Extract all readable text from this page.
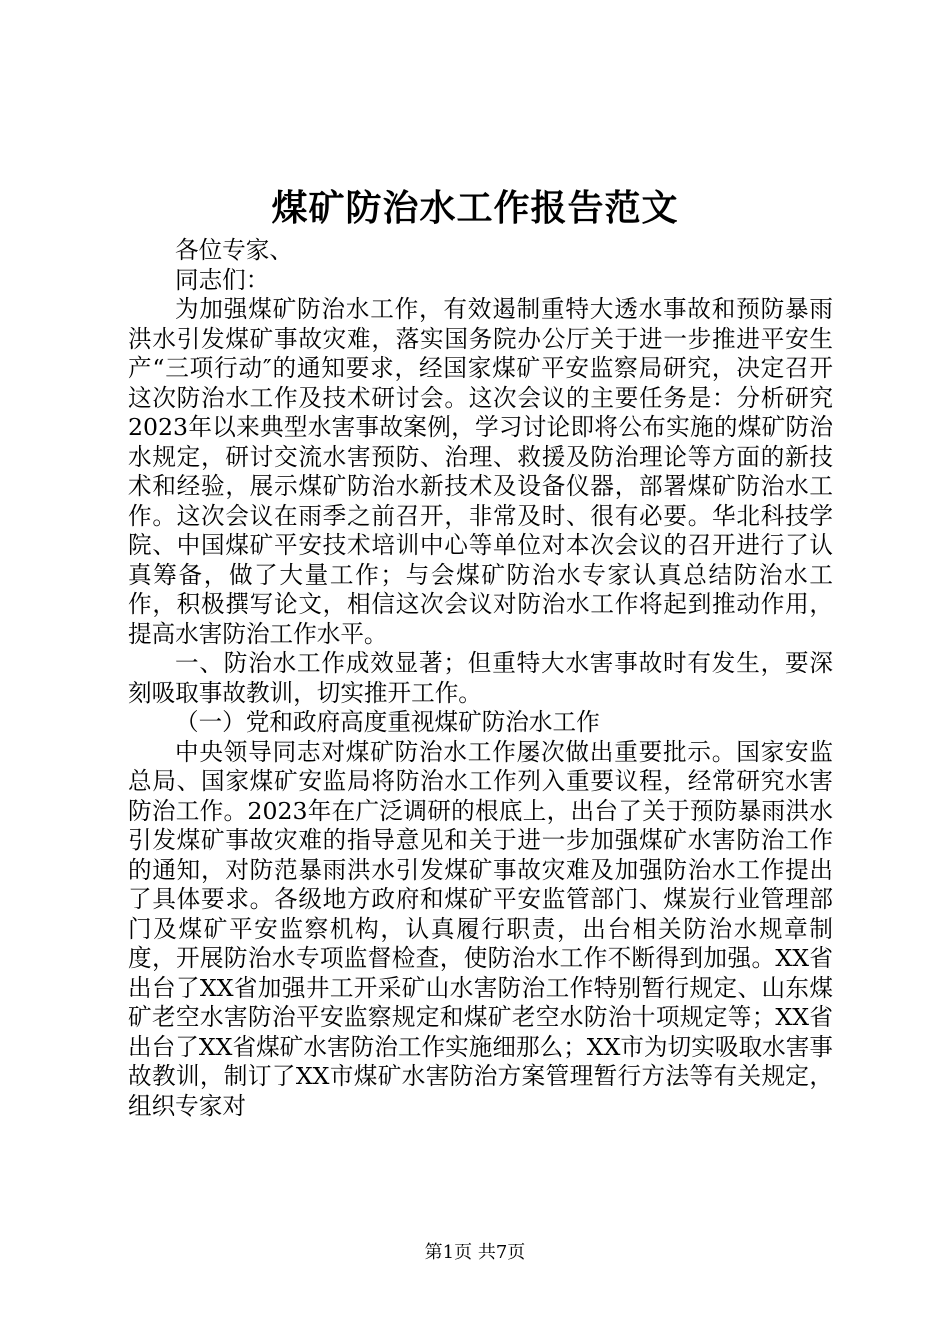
煤矿防治水工作报告范文

各位专家、

同志们：

为加强煤矿防治水工作，有效遏制重特大透水事故和预防暴雨洪水引发煤矿事故灾难，落实国务院办公厅关于进一步推进平安生产“三项行动″的通知要求，经国家煤矿平安监察局研究，决定召开这次防治水工作及技术研讨会。这次会议的主要任务是：分析研究2023年以来典型水害事故案例，学习讨论即将公布实施的煤矿防治水规定，研讨交流水害预防、治理、救援及防治理论等方面的新技术和经验，展示煤矿防治水新技术及设备仪器，部署煤矿防治水工作。这次会议在雨季之前召开，非常及时、很有必要。华北科技学院、中国煤矿平安技术培训中心等单位对本次会议的召开进行了认真筹备，做了大量工作；与会煤矿防治水专家认真总结防治水工作，积极撰写论文，相信这次会议对防治水工作将起到推动作用，提高水害防治工作水平。

一、防治水工作成效显著；但重特大水害事故时有发生，要深刻吸取事故教训，切实推开工作。

（一）党和政府高度重视煤矿防治水工作

中央领导同志对煤矿防治水工作屡次做出重要批示。国家安监总局、国家煤矿安监局将防治水工作列入重要议程，经常研究水害防治工作。2023年在广泛调研的根底上，出台了关于预防暴雨洪水引发煤矿事故灾难的指导意见和关于进一步加强煤矿水害防治工作的通知，对防范暴雨洪水引发煤矿事故灾难及加强防治水工作提出了具体要求。各级地方政府和煤矿平安监管部门、煤炭行业管理部门及煤矿平安监察机构，认真履行职责，出台相关防治水规章制度，开展防治水专项监督检查，使防治水工作不断得到加强。XX省出台了XX省加强井工开采矿山水害防治工作特别暂行规定、山东煤矿老空水害防治平安监察规定和煤矿老空水防治十项规定等；XX省出台了XX省煤矿水害防治工作实施细那么；XX市为切实吸取水害事故教训，制订了XX市煤矿水害防治方案管理暂行方法等有关规定，组织专家对

第1页 共7页
